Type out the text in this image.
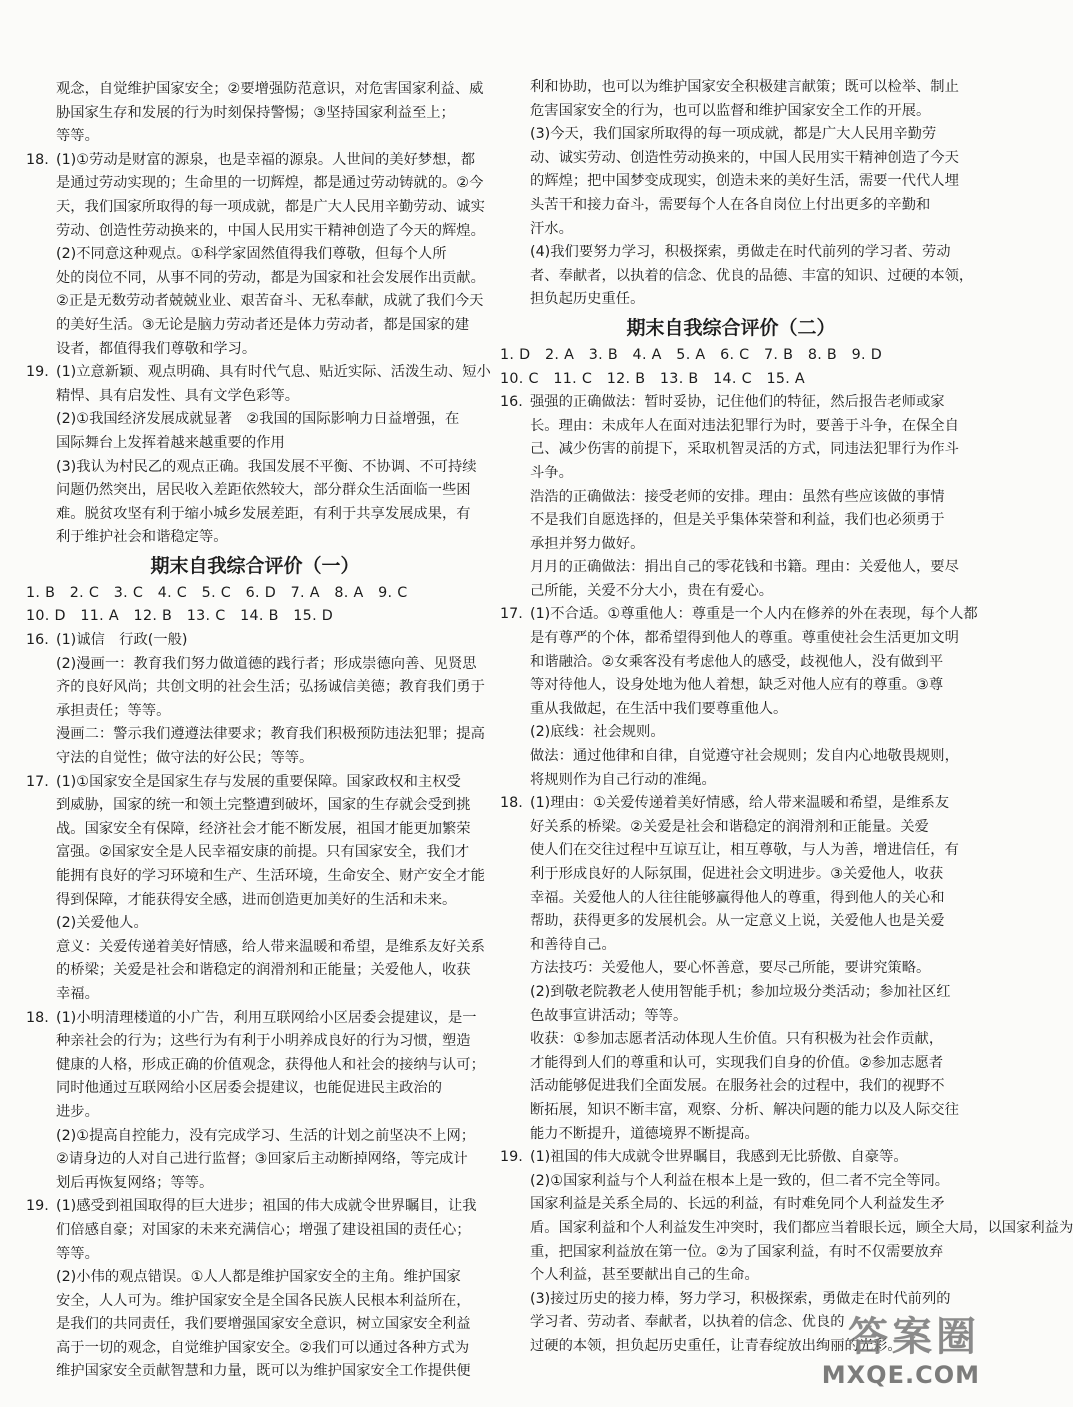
观念，自觉维护国家安全；②要增强防范意识，对危害国家利益、威
胁国家生存和发展的行为时刻保持警惕；③坚持国家利益至上；
等等。
18. (1)①劳动是财富的源泉，也是幸福的源泉。人世间的美好梦想，都
是通过劳动实现的；生命里的一切辉煌，都是通过劳动铸就的。②今
天，我们国家所取得的每一项成就，都是广大人民用辛勤劳动、诚实
劳动、创造性劳动换来的，中国人民用实干精神创造了今天的辉煌。
(2)不同意这种观点。①科学家固然值得我们尊敬，但每个人所
处的岗位不同，从事不同的劳动，都是为国家和社会发展作出贡献。
②正是无数劳动者兢兢业业、艰苦奋斗、无私奉献，成就了我们今天
的美好生活。③无论是脑力劳动者还是体力劳动者，都是国家的建
设者，都值得我们尊敬和学习。
19. (1)立意新颖、观点明确、具有时代气息、贴近实际、活泼生动、短小
精悍、具有启发性、具有文学色彩等。
(2)①我国经济发展成就显著　②我国的国际影响力日益增强，在
国际舞台上发挥着越来越重要的作用
(3)我认为村民乙的观点正确。我国发展不平衡、不协调、不可持续
问题仍然突出，居民收入差距依然较大，部分群众生活面临一些困
难。脱贫攻坚有利于缩小城乡发展差距，有利于共享发展成果，有
利于维护社会和谐稳定等。
期末自我综合评价（一）
1. B　2. C　3. C　4. C　5. C　6. D　7. A　8. A　9. C
10. D　11. A　12. B　13. C　14. B　15. D
16. (1)诚信　行政(一般)
(2)漫画一：教育我们努力做道德的践行者；形成崇德向善、见贤思
齐的良好风尚；共创文明的社会生活；弘扬诚信美德；教育我们勇于
承担责任；等等。
漫画二：警示我们遵遵法律要求；教育我们积极预防违法犯罪；提高
守法的自觉性；做守法的好公民；等等。
17. (1)①国家安全是国家生存与发展的重要保障。国家政权和主权受
到威胁，国家的统一和领土完整遭到破坏，国家的生存就会受到挑
战。国家安全有保障，经济社会才能不断发展，祖国才能更加繁荣
富强。②国家安全是人民幸福安康的前提。只有国家安全，我们才
能拥有良好的学习环境和生产、生活环境，生命安全、财产安全才能
得到保障，才能获得安全感，进而创造更加美好的生活和未来。
(2)关爱他人。
意义：关爱传递着美好情感，给人带来温暖和希望，是维系友好关系
的桥梁；关爱是社会和谐稳定的润滑剂和正能量；关爱他人，收获
幸福。
18. (1)小明清理楼道的小广告，利用互联网给小区居委会提建议，是一
种亲社会的行为；这些行为有利于小明养成良好的行为习惯，塑造
健康的人格，形成正确的价值观念，获得他人和社会的接纳与认可；
同时他通过互联网给小区居委会提建议，也能促进民主政治的
进步。
(2)①提高自控能力，没有完成学习、生活的计划之前坚决不上网；
②请身边的人对自己进行监督；③回家后主动断掉网络，等完成计
划后再恢复网络；等等。
19. (1)感受到祖国取得的巨大进步；祖国的伟大成就令世界瞩目，让我
们倍感自豪；对国家的未来充满信心；增强了建设祖国的责任心；
等等。
(2)小伟的观点错误。①人人都是维护国家安全的主角。维护国家
安全，人人可为。维护国家安全是全国各民族人民根本利益所在，
是我们的共同责任，我们要增强国家安全意识，树立国家安全利益
高于一切的观念，自觉维护国家安全。②我们可以通过各种方式为
维护国家安全贡献智慧和力量，既可以为维护国家安全工作提供便
利和协助，也可以为维护国家安全积极建言献策；既可以检举、制止
危害国家安全的行为，也可以监督和维护国家安全工作的开展。
(3)今天，我们国家所取得的每一项成就，都是广大人民用辛勤劳
动、诚实劳动、创造性劳动换来的，中国人民用实干精神创造了今天
的辉煌；把中国梦变成现实，创造未来的美好生活，需要一代代人埋
头苦干和接力奋斗，需要每个人在各自岗位上付出更多的辛勤和
汗水。
(4)我们要努力学习，积极探索，勇做走在时代前列的学习者、劳动
者、奉献者，以执着的信念、优良的品德、丰富的知识、过硬的本领，
担负起历史重任。
期末自我综合评价（二）
1. D　2. A　3. B　4. A　5. A　6. C　7. B　8. B　9. D
10. C　11. C　12. B　13. B　14. C　15. A
16. 强强的正确做法：暂时妥协，记住他们的特征，然后报告老师或家
长。理由：未成年人在面对违法犯罪行为时，要善于斗争，在保全自
己、减少伤害的前提下，采取机智灵活的方式，同违法犯罪行为作斗
斗争。
浩浩的正确做法：接受老师的安排。理由：虽然有些应该做的事情
不是我们自愿选择的，但是关乎集体荣誉和利益，我们也必须勇于
承担并努力做好。
月月的正确做法：捐出自己的零花钱和书籍。理由：关爱他人，要尽
己所能，关爱不分大小，贵在有爱心。
17. (1)不合适。①尊重他人：尊重是一个人内在修养的外在表现，每个人都
是有尊严的个体，都希望得到他人的尊重。尊重使社会生活更加文明
和谐融洽。②女乘客没有考虑他人的感受，歧视他人，没有做到平
等对待他人，设身处地为他人着想，缺乏对他人应有的尊重。③尊
重从我做起，在生活中我们要尊重他人。
(2)底线：社会规则。
做法：通过他律和自律，自觉遵守社会规则；发自内心地敬畏规则，
将规则作为自己行动的准绳。
18. (1)理由：①关爱传递着美好情感，给人带来温暖和希望，是维系友
好关系的桥梁。②关爱是社会和谐稳定的润滑剂和正能量。关爱
使人们在交往过程中互谅互让，相互尊敬，与人为善，增进信任，有
利于形成良好的人际氛围，促进社会文明进步。③关爱他人，收获
幸福。关爱他人的人往往能够赢得他人的尊重，得到他人的关心和
帮助，获得更多的发展机会。从一定意义上说，关爱他人也是关爱
和善待自己。
方法技巧：关爱他人，要心怀善意，要尽己所能，要讲究策略。
(2)到敬老院教老人使用智能手机；参加垃圾分类活动；参加社区红
色故事宣讲活动；等等。
收获：①参加志愿者活动体现人生价值。只有积极为社会作贡献，
才能得到人们的尊重和认可，实现我们自身的价值。②参加志愿者
活动能够促进我们全面发展。在服务社会的过程中，我们的视野不
断拓展，知识不断丰富，观察、分析、解决问题的能力以及人际交往
能力不断提升，道德境界不断提高。
19. (1)祖国的伟大成就令世界瞩目，我感到无比骄傲、自豪等。
(2)①国家利益与个人利益在根本上是一致的，但二者不完全等同。
国家利益是关系全局的、长远的利益，有时难免同个人利益发生矛
盾。国家利益和个人利益发生冲突时，我们都应当着眼长远，顾全大局，以国家利益为
重，把国家利益放在第一位。②为了国家利益，有时不仅需要放弃
个人利益，甚至要献出自己的生命。
(3)接过历史的接力棒，努力学习，积极探索，勇做走在时代前列的
学习者、劳动者、奉献者，以执着的信念、优良的
过硬的本领，担负起历史重任，让青春绽放出绚丽的光彩。
答案圈
MXQE.COM
